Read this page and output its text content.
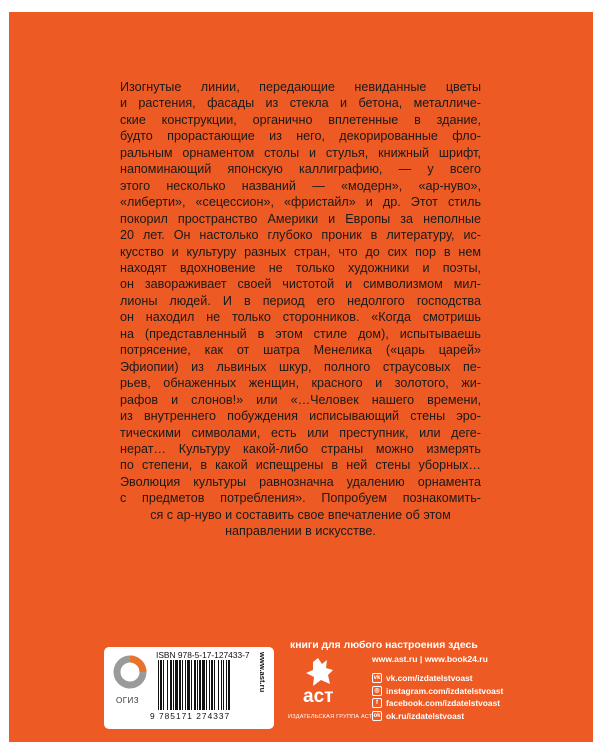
Изогнутые линии, передающие невиданные цветы
и растения, фасады из стекла и бетона, металличе-
ские конструкции, органично вплетенные в здание,
будто прорастающие из него, декорированные фло-
ральным орнаментом столы и стулья, книжный шрифт,
напоминающий японскую каллиграфию, — у всего
этого несколько названий — «модерн», «ар-нуво»,
«либерти», «сецессион», «фристайл» и др. Этот стиль
покорил пространство Америки и Европы за неполные
20 лет. Он настолько глубоко проник в литературу, ис-
кусство и культуру разных стран, что до сих пор в нем
находят вдохновение не только художники и поэты,
он завораживает своей чистотой и символизмом мил-
лионы людей. И в период его недолгого господства
он находил не только сторонников. «Когда смотришь
на (представленный в этом стиле дом), испытываешь
потрясение, как от шатра Менелика («царь царей»
Эфиопии) из львиных шкур, полного страусовых пе-
рьев, обнаженных женщин, красного и золотого, жи-
рафов и слонов!» или «…Человек нашего времени,
из внутреннего побуждения исписывающий стены эро-
тическими символами, есть или преступник, или деге-
нерат… Культуру какой-либо страны можно измерять
по степени, в какой испещрены в ней стены уборных…
Эволюция культуры равнозначна удалению орнамента
с предметов потребления». Попробуем познакомить-
ся с ар-нуво и составить свое впечатление об этом
направлении в искусстве.
ОГИЗ
ISBN 978-5-17-127433-7
9 785171 274337
www.ast.ru
книги для любого настроения здесь
аст
ИЗДАТЕЛЬСКАЯ ГРУППА АСТ
www.ast.ru | www.book24.ru
vk vk.com/izdatelstvoast
◎ instagram.com/izdatelstvoast
f facebook.com/izdatelstvoast
ok ok.ru/izdatelstvoast
